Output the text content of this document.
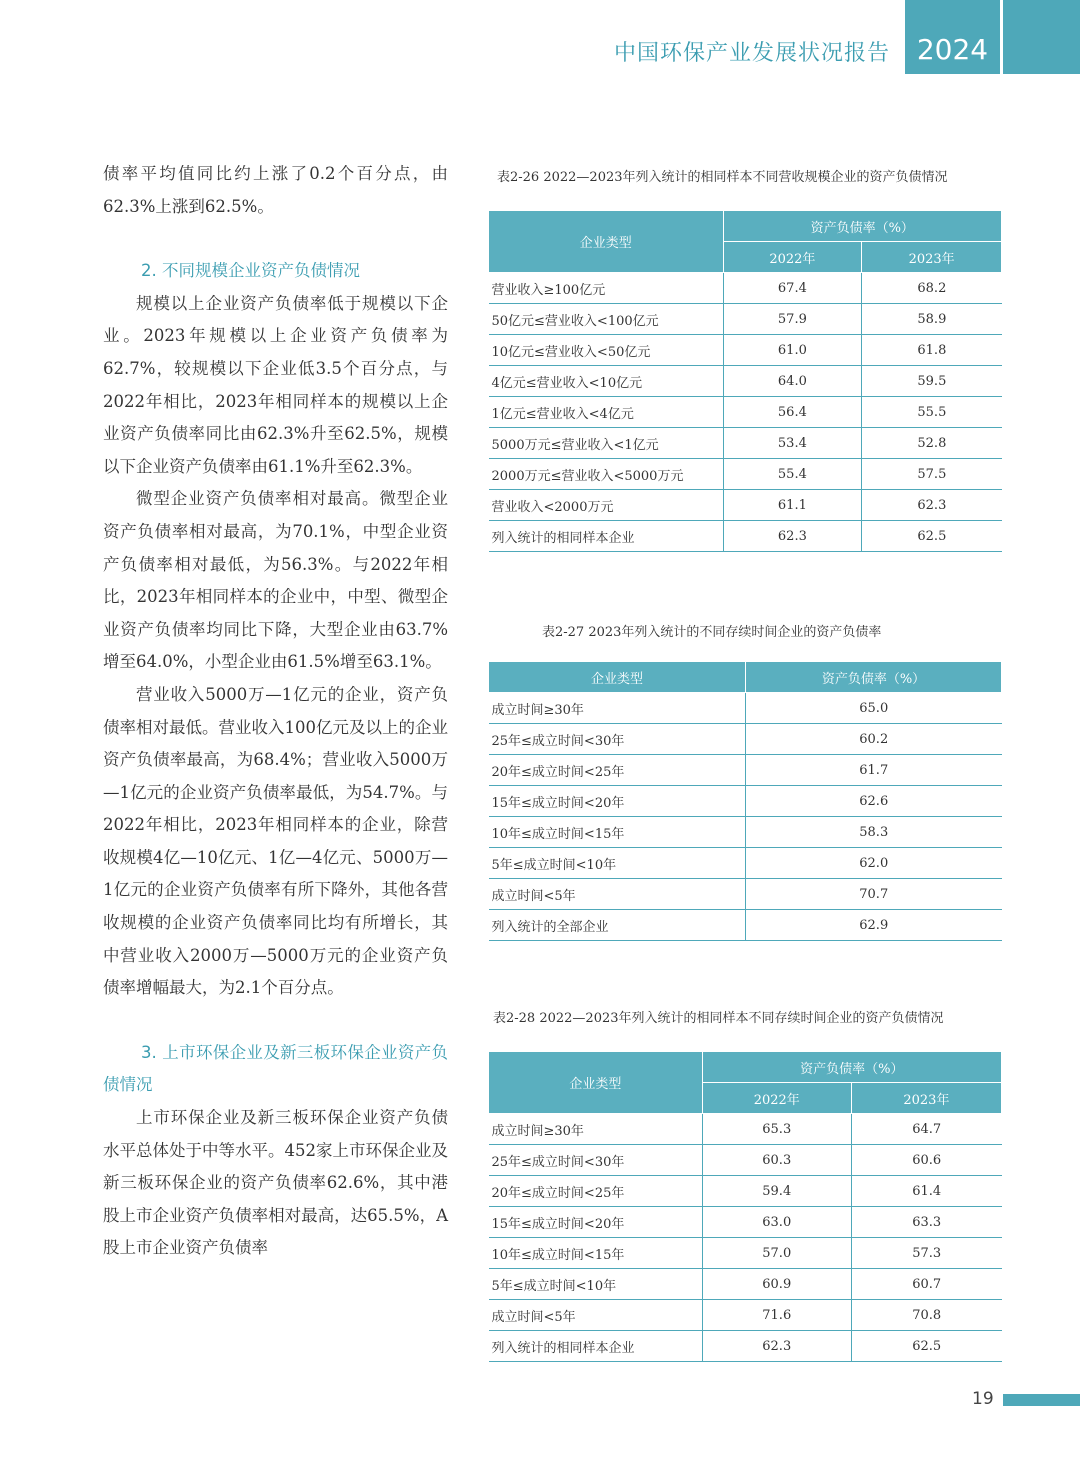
中国环保产业发展状况报告 2024

债率平均值同比约上涨了0.2个百分点，由62.3%上涨到62.5%。

2. 不同规模企业资产负债情况

规模以上企业资产负债率低于规模以下企业。2023年规模以上企业资产负债率为62.7%，较规模以下企业低3.5个百分点，与2022年相比，2023年相同样本的规模以上企业资产负债率同比由62.3%升至62.5%，规模以下企业资产负债率由61.1%升至62.3%。

微型企业资产负债率相对最高。微型企业资产负债率相对最高，为70.1%，中型企业资产负债率相对最低，为56.3%。与2022年相比，2023年相同样本的企业中，中型、微型企业资产负债率均同比下降，大型企业由63.7%增至64.0%，小型企业由61.5%增至63.1%。

营业收入5000万—1亿元的企业，资产负债率相对最低。营业收入100亿元及以上的企业资产负债率最高，为68.4%；营业收入5000万—1亿元的企业资产负债率最低，为54.7%。与2022年相比，2023年相同样本的企业，除营收规模4亿—10亿元、1亿—4亿元、5000万—1亿元的企业资产负债率有所下降外，其他各营收规模的企业资产负债率同比均有所增长，其中营业收入2000万—5000万元的企业资产负债率增幅最大，为2.1个百分点。

3. 上市环保企业及新三板环保企业资产负债情况

上市环保企业及新三板环保企业资产负债水平总体处于中等水平。452家上市环保企业及新三板环保企业的资产负债率62.6%，其中港股上市企业资产负债率相对最高，达65.5%，A股上市企业资产负债率

表2-26 2022—2023年列入统计的相同样本不同营收规模企业的资产负债情况
企业类型	资产负债率（%）	
	2022年	2023年
营业收入≥100亿元	67.4	68.2
50亿元≤营业收入<100亿元	57.9	58.9
10亿元≤营业收入<50亿元	61.0	61.8
4亿元≤营业收入<10亿元	64.0	59.5
1亿元≤营业收入<4亿元	56.4	55.5
5000万元≤营业收入<1亿元	53.4	52.8
2000万元≤营业收入<5000万元	55.4	57.5
营业收入<2000万元	61.1	62.3
列入统计的相同样本企业	62.3	62.5
表2-27 2023年列入统计的不同存续时间企业的资产负债率
企业类型	资产负债率（%）
成立时间≥30年	65.0
25年≤成立时间<30年	60.2
20年≤成立时间<25年	61.7
15年≤成立时间<20年	62.6
10年≤成立时间<15年	58.3
5年≤成立时间<10年	62.0
成立时间<5年	70.7
列入统计的全部企业	62.9
表2-28 2022—2023年列入统计的相同样本不同存续时间企业的资产负债情况
企业类型	资产负债率（%）	
	2022年	2023年
成立时间≥30年	65.3	64.7
25年≤成立时间<30年	60.3	60.6
20年≤成立时间<25年	59.4	61.4
15年≤成立时间<20年	63.0	63.3
10年≤成立时间<15年	57.0	57.3
5年≤成立时间<10年	60.9	60.7
成立时间<5年	71.6	70.8
列入统计的相同样本企业	62.3	62.5
19
